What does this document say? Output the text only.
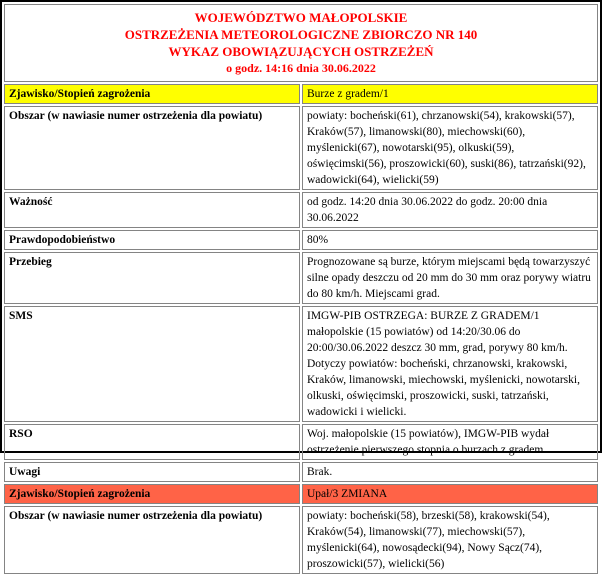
WOJEWÓDZTWO MAŁOPOLSKIE
OSTRZEŻENIA METEOROLOGICZNE ZBIORCZO NR 140
WYKAZ OBOWIĄZUJĄCYCH OSTRZEŻEŃ
o godz. 14:16 dnia 30.06.2022	

Zjawisko/Stopień zagrożenia	Burze z gradem/1
Obszar (w nawiasie numer ostrzeżenia dla powiatu)	powiaty: bocheński(61), chrzanowski(54), krakowski(57), Kraków(57), limanowski(80), miechowski(60), myślenicki(67), nowotarski(95), olkuski(59), oświęcimski(56), proszowicki(60), suski(86), tatrzański(92), wadowicki(64), wielicki(59)
Ważność	od godz. 14:20 dnia 30.06.2022 do godz. 20:00 dnia 30.06.2022
Prawdopodobieństwo	80%
Przebieg	Prognozowane są burze, którym miejscami będą towarzyszyć silne opady deszczu od 20 mm do 30 mm oraz porywy wiatru do 80 km/h. Miejscami grad.
SMS	IMGW-PIB OSTRZEGA: BURZE Z GRADEM/1 małopolskie (15 powiatów) od 14:20/30.06 do 20:00/30.06.2022 deszcz 30 mm, grad, porywy 80 km/h. Dotyczy powiatów: bocheński, chrzanowski, krakowski, Kraków, limanowski, miechowski, myślenicki, nowotarski, olkuski, oświęcimski, proszowicki, suski, tatrzański, wadowicki i wielicki.
RSO	Woj. małopolskie (15 powiatów), IMGW-PIB wydał ostrzeżenie pierwszego stopnia o burzach z gradem
Uwagi	Brak.
Zjawisko/Stopień zagrożenia	Upał/3 ZMIANA
Obszar (w nawiasie numer ostrzeżenia dla powiatu)	powiaty: bocheński(58), brzeski(58), krakowski(54), Kraków(54), limanowski(77), miechowski(57), myślenicki(64), nowosądecki(94), Nowy Sącz(74), proszowicki(57), wielicki(56)
